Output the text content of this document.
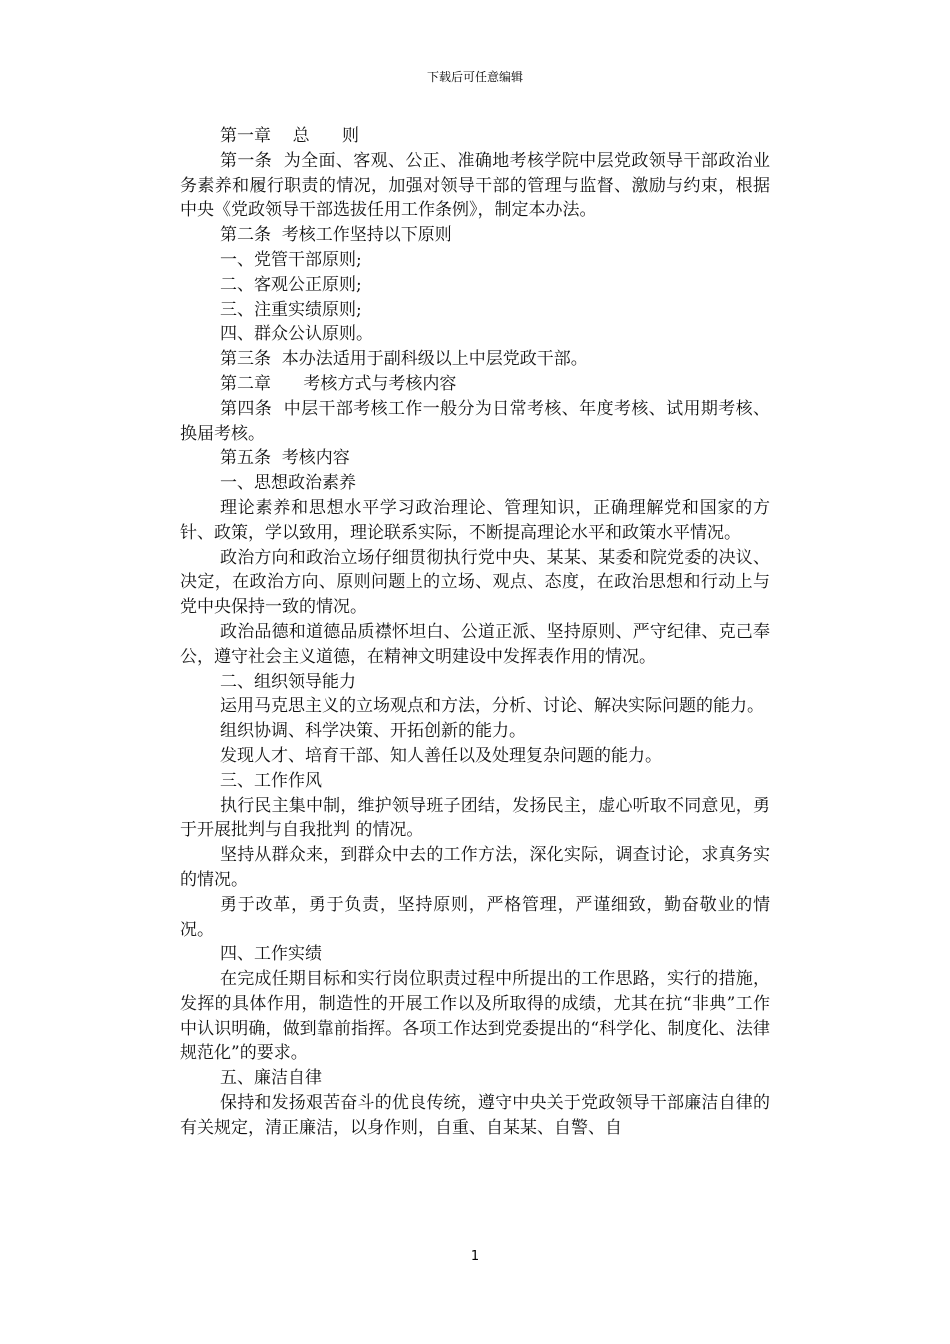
下载后可任意编辑

第一章    总      则

第一条  为全面、客观、公正、准确地考核学院中层党政领导干部政治业务素养和履行职责的情况，加强对领导干部的管理与监督、激励与约束，根据中央《党政领导干部选拔任用工作条例》，制定本办法。

第二条  考核工作坚持以下原则

一、党管干部原则;

二、客观公正原则;

三、注重实绩原则;

四、群众公认原则。

第三条  本办法适用于副科级以上中层党政干部。

第二章      考核方式与考核内容

第四条  中层干部考核工作一般分为日常考核、年度考核、试用期考核、换届考核。

第五条  考核内容

一、思想政治素养

理论素养和思想水平学习政治理论、管理知识，正确理解党和国家的方针、政策，学以致用，理论联系实际，不断提高理论水平和政策水平情况。

政治方向和政治立场仔细贯彻执行党中央、某某、某委和院党委的决议、决定，在政治方向、原则问题上的立场、观点、态度，在政治思想和行动上与党中央保持一致的情况。

政治品德和道德品质襟怀坦白、公道正派、坚持原则、严守纪律、克己奉公，遵守社会主义道德，在精神文明建设中发挥表作用的情况。

二、组织领导能力

运用马克思主义的立场观点和方法，分析、讨论、解决实际问题的能力。

组织协调、科学决策、开拓创新的能力。

发现人才、培育干部、知人善任以及处理复杂问题的能力。

三、工作作风

执行民主集中制，维护领导班子团结，发扬民主，虚心听取不同意见，勇于开展批判与自我批判 的情况。

坚持从群众来，到群众中去的工作方法，深化实际，调查讨论，求真务实的情况。

勇于改革，勇于负责，坚持原则，严格管理，严谨细致，勤奋敬业的情况。

四、工作实绩

在完成任期目标和实行岗位职责过程中所提出的工作思路，实行的措施，发挥的具体作用，制造性的开展工作以及所取得的成绩，尤其在抗“非典”工作中认识明确，做到靠前指挥。各项工作达到党委提出的“科学化、制度化、法律规范化”的要求。

五、廉洁自律

保持和发扬艰苦奋斗的优良传统，遵守中央关于党政领导干部廉洁自律的有关规定，清正廉洁，以身作则，自重、自某某、自警、自

1
